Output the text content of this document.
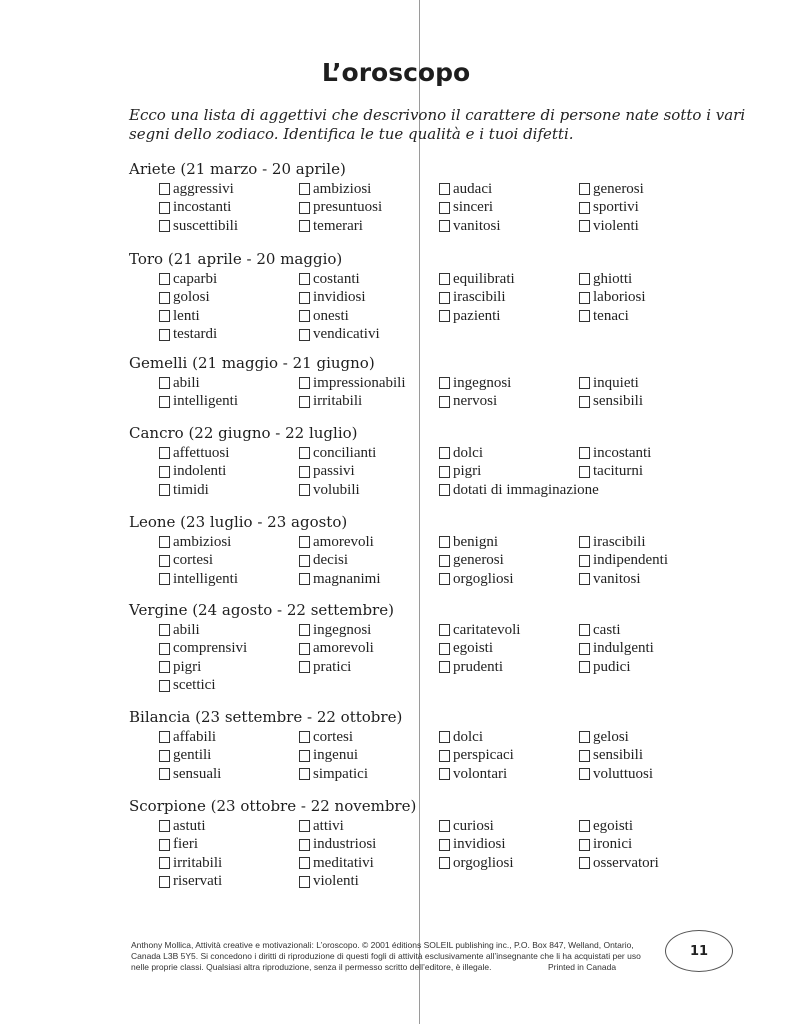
L’oroscopo
Ecco una lista di aggettivi che descrivono il carattere di persone nate sotto i vari
segni dello zodiaco. Identifica le tue qualità e i tuoi difetti.
Ariete (21 marzo - 20 aprile)
aggressivi
incostanti
suscettibili
ambiziosi
presuntuosi
temerari
audaci
sinceri
vanitosi
generosi
sportivi
violenti
Toro (21 aprile - 20 maggio)
caparbi
golosi
lenti
testardi
costanti
invidiosi
onesti
vendicativi
equilibrati
irascibili
pazienti
ghiotti
laboriosi
tenaci
Gemelli (21 maggio - 21 giugno)
abili
intelligenti
impressionabili
irritabili
ingegnosi
nervosi
inquieti
sensibili
Cancro (22 giugno - 22 luglio)
affettuosi
indolenti
timidi
concilianti
passivi
volubili
dolci
pigri
dotati di immaginazione
incostanti
taciturni
Leone (23 luglio - 23 agosto)
ambiziosi
cortesi
intelligenti
amorevoli
decisi
magnanimi
benigni
generosi
orgogliosi
irascibili
indipendenti
vanitosi
Vergine (24 agosto - 22 settembre)
abili
comprensivi
pigri
scettici
ingegnosi
amorevoli
pratici
caritatevoli
egoisti
prudenti
casti
indulgenti
pudici
Bilancia (23 settembre - 22 ottobre)
affabili
gentili
sensuali
cortesi
ingenui
simpatici
dolci
perspicaci
volontari
gelosi
sensibili
voluttuosi
Scorpione (23 ottobre - 22 novembre)
astuti
fieri
irritabili
riservati
attivi
industriosi
meditativi
violenti
curiosi
invidiosi
orgogliosi
egoisti
ironici
osservatori
Anthony Mollica, Attività creative e motivazionali: L’oroscopo. © 2001 éditions SOLEIL publishing inc., P.O. Box 847, Welland, Ontario,
Canada L3B 5Y5. Si concedono i diritti di riproduzione di questi fogli di attività esclusivamente all’insegnante che li ha acquistati per uso
nelle proprie classi. Qualsiasi altra riproduzione, senza il permesso scritto dell’editore, è illegale.	Printed in Canada
11
